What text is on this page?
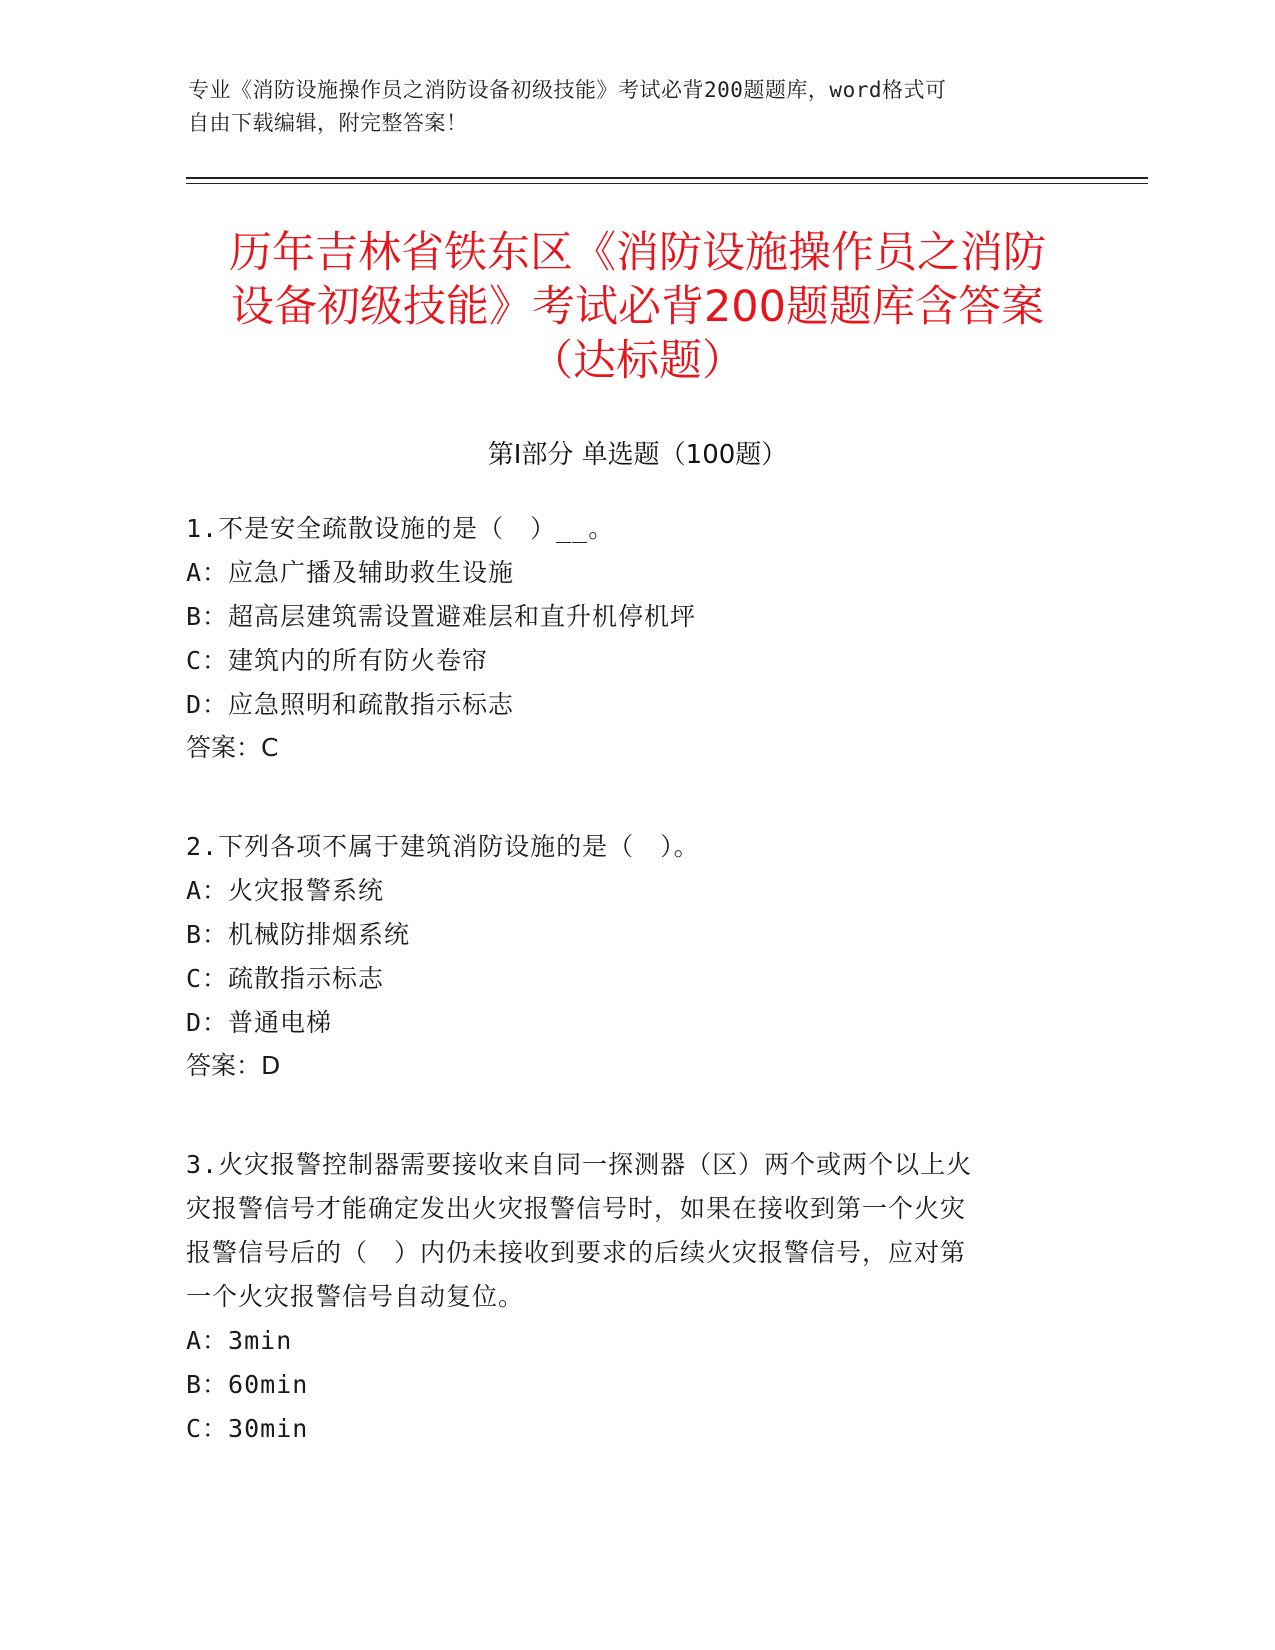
专业《消防设施操作员之消防设备初级技能》考试必背200题题库，word格式可
自由下载编辑，附完整答案！
历年吉林省铁东区《消防设施操作员之消防
设备初级技能》考试必背200题题库含答案
（达标题）
第Ⅰ部分 单选题（100题）
1.不是安全疏散设施的是（　）__。
A：应急广播及辅助救生设施
B：超高层建筑需设置避难层和直升机停机坪
C：建筑内的所有防火卷帘
D：应急照明和疏散指示标志
答案：C
2.下列各项不属于建筑消防设施的是（　）。
A：火灾报警系统
B：机械防排烟系统
C：疏散指示标志
D：普通电梯
答案：D
3.火灾报警控制器需要接收来自同一探测器（区）两个或两个以上火
灾报警信号才能确定发出火灾报警信号时，如果在接收到第一个火灾
报警信号后的（　）内仍未接收到要求的后续火灾报警信号，应对第
一个火灾报警信号自动复位。
A：3min
B：60min
C：30min
